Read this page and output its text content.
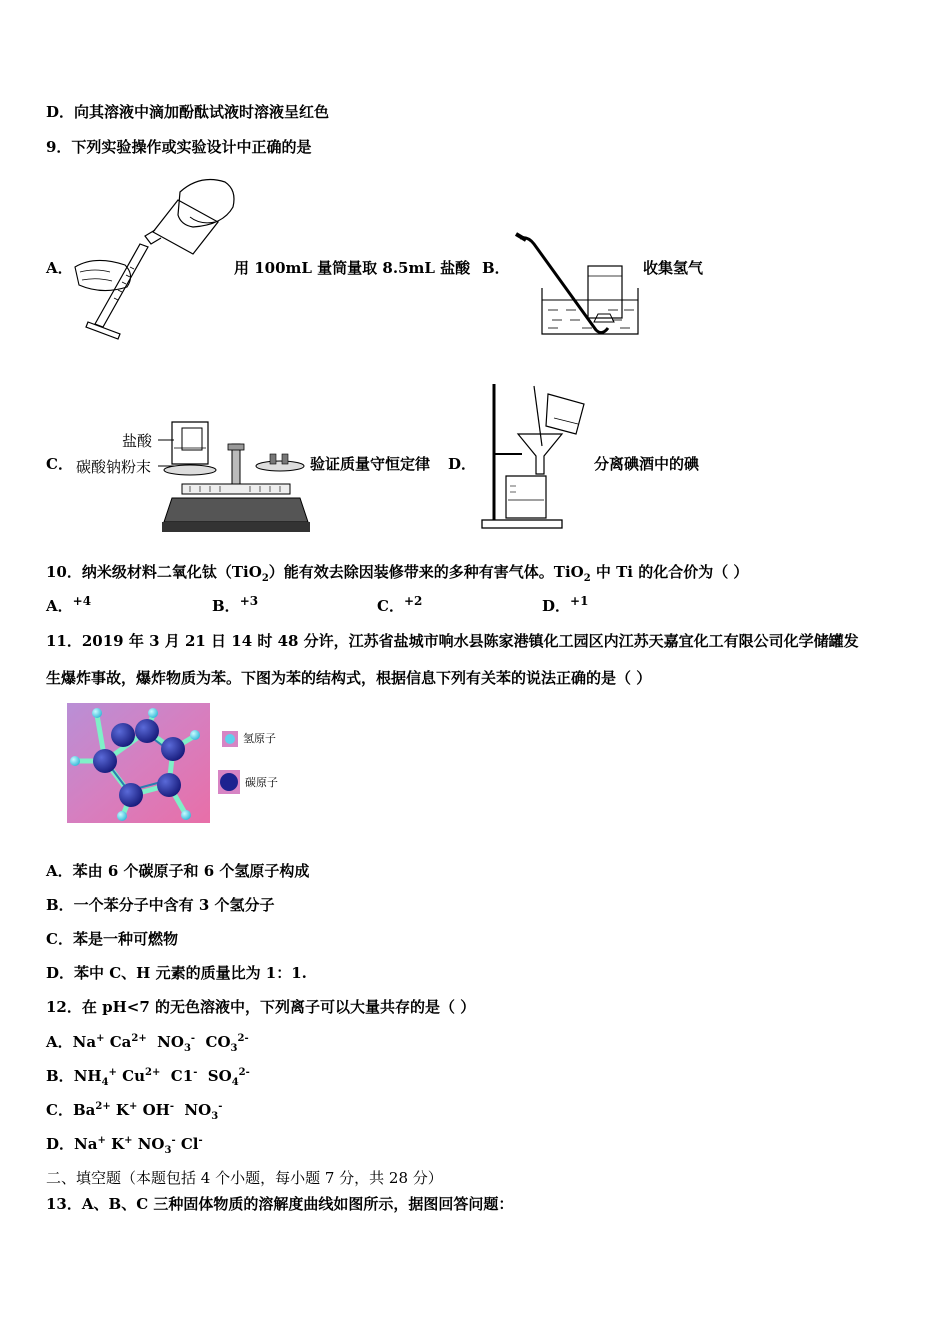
D．向其溶液中滴加酚酞试液时溶液呈红色
9．下列实验操作或实验设计中正确的是
A．	用 100mL 量筒量取 8.5mL 盐酸 B．	收集氢气
C．
盐酸
碳酸钠粉末	验证质量守恒定律 D．	分离碘酒中的碘
10．纳米级材料二氧化钛（TiO$_2$）能有效去除因装修带来的多种有害气体。TiO$_2$ 中 Ti 的化合价为（ ）
A．$^{+4}$	B．$^{+3}$	C．$^{+2}$	D．$^{+1}$
11．2019 年 3 月 21 日 14 时 48 分许，江苏省盐城市响水县陈家港镇化工园区内江苏天嘉宜化工有限公司化学储罐发
生爆炸事故，爆炸物质为苯。下图为苯的结构式，根据信息下列有关苯的说法正确的是（ ）
氢原子
碳原子
A．苯由 6 个碳原子和 6 个氢原子构成
B．一个苯分子中含有 3 个氢分子
C．苯是一种可燃物
D．苯中 C、H 元素的质量比为 1：1.
12．在 pH<7 的无色溶液中，下列离子可以大量共存的是（ ）
A．Na+ $Ca^{2+}$  $NO_3^-$  $CO_3^{2-}$
B．$NH_4^+$ $Cu^{2+}$  C1-  $SO_4^{2-}$
C．$Ba^{2+}$ K+ OH-  $NO_3^-$
D．Na+ K+ $NO_3^-$ Cl-
二、填空题（本题包括 4 个小题，每小题 7 分，共 28 分）
13．A、B、C 三种固体物质的溶解度曲线如图所示，据图回答问题：
